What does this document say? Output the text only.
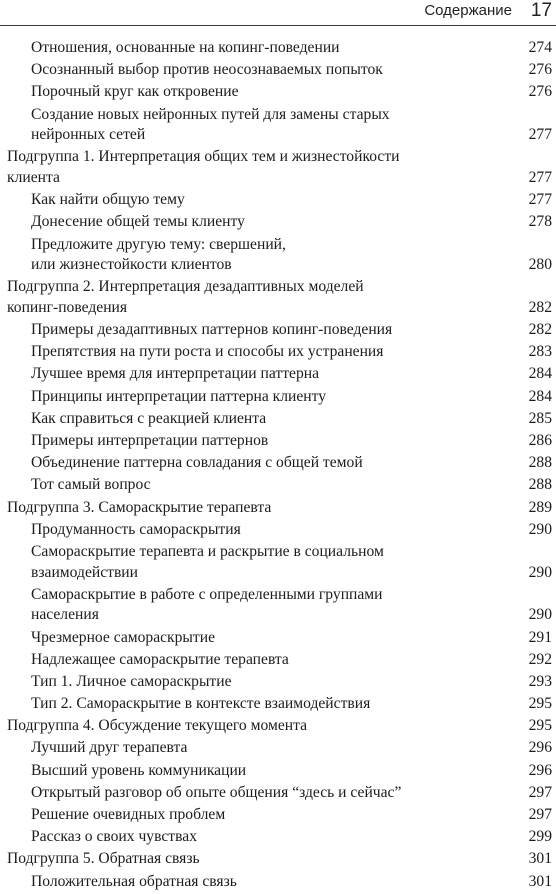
Содержание 17
Отношения, основанные на копинг-поведении	274
Осознанный выбор против неосознаваемых попыток	276
Порочный круг как откровение	276
Создание новых нейронных путей для замены старых
нейронных сетей	277
Подгруппа 1. Интерпретация общих тем и жизнестойкости
клиента	277
Как найти общую тему	277
Донесение общей темы клиенту	278
Предложите другую тему: свершений,
или жизнестойкости клиентов	280
Подгруппа 2. Интерпретация дезадаптивных моделей
копинг-поведения	282
Примеры дезадаптивных паттернов копинг-поведения	282
Препятствия на пути роста и способы их устранения	283
Лучшее время для интерпретации паттерна	284
Принципы интерпретации паттерна клиенту	284
Как справиться с реакцией клиента	285
Примеры интерпретации паттернов	286
Объединение паттерна совладания с общей темой	288
Тот самый вопрос	288
Подгруппа 3. Самораскрытие терапевта	289
Продуманность самораскрытия	290
Самораскрытие терапевта и раскрытие в социальном
взаимодействии	290
Самораскрытие в работе с определенными группами
населения	290
Чрезмерное самораскрытие	291
Надлежащее самораскрытие терапевта	292
Тип 1. Личное самораскрытие	293
Тип 2. Самораскрытие в контексте взаимодействия	295
Подгруппа 4. Обсуждение текущего момента	295
Лучший друг терапевта	296
Высший уровень коммуникации	296
Открытый разговор об опыте общения “здесь и сейчас”	297
Решение очевидных проблем	297
Рассказ о своих чувствах	299
Подгруппа 5. Обратная связь	301
Положительная обратная связь	301
